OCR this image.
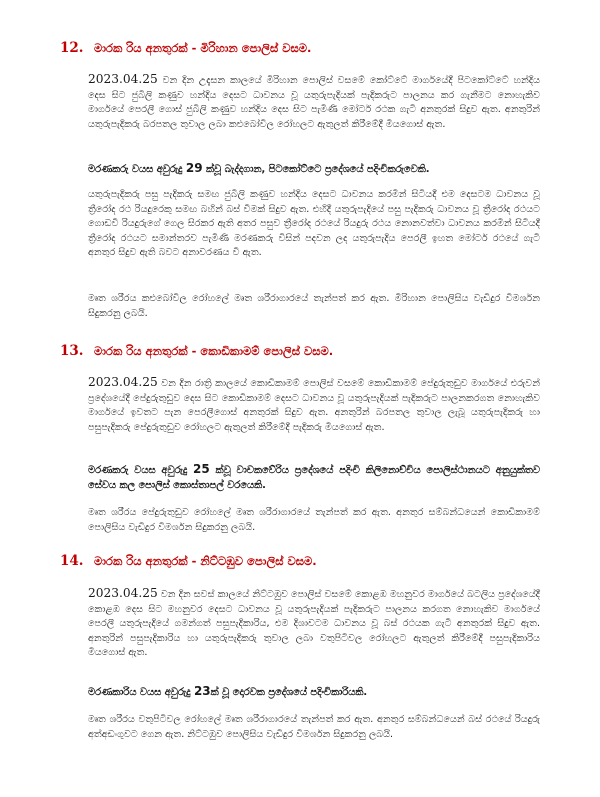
12. මාරක රිය අනතුරක් - මිරිහාන පොලිස් වසම.

2023.04.25 වන දින උදැසන කාලයේ මිරිහාන පොලිස් වසමේ කෝට්ටේ මාර්ගයේදී පිටකෝට්ටේ හන්දිය දෙස සිට ජුබිලි කණුව හන්දිය දෙසට ධාවනය වූ යතුරුපැදියක් පැදිකරුට පාලනය කර ගැනීමට නොහැකිව මාර්ගයේ පෙරලී ගොස් ජුබිලි කණුව හන්දිය දෙස සිට පැමිණි මෝටර් රථක ගැටී අනතුරක් සිදුව ඇත. අනතුරින් යතුරුපැදිකරු බරපතල තුවාල ලබා කළුබෝවිල රෝහලට ඇතුලත් කිරීමේදී මියගොස් ඇත.

මරණකරු වයස අවුරුදු 29 ක්වූ බැද්දගාන, පිටකෝට්ටෙ ප්‍රදේශයේ පදිංචිකරුවෙකි.

යතුරුපැදිකරු පසු පැදිකරු සමඟ ජුබිලි කණුව හන්දිය දෙසට ධාවනය කරමින් සිටියදී එම දෙසටම ධාවනය වූ ත්‍රීරෝද රථ රියදුරෙකු සමඟ බහින් බස් වීමක් සිදුව ඇත. එහිදී යතුරුපැදියේ පසු පැදිකරු ධාවනය වූ ත්‍රීරෝද රථයට ගොඩවී රියදුරුගේ ගෙල සිරකර ඇති අතර පසුව ත්‍රීරෝද රථයේ රියදුරු රථය නොනවත්වා ධාවනය කරමින් සිටියදී ත්‍රීරෝද රථයට සමාන්තරව පැමිණි මරණකරු විසින් පදවන ලද යතුරුපැදිය පෙරලී ඉහත මෝටර් රථයේ ගැටී අනතුර සිදුව ඇති බවට අනාවරණය වී ඇත.

මෘත ශරීරය කළුබෝවිල රෝහලේ මෘත ශරීරාගාරයේ තැන්පත් කර ඇත. මිරිහාන පොලිසිය වැඩිදුර විමර්ශන සිදුකරනු ලබයි.

13. මාරක රිය අනතුරක් - කොඩිකාමම් පොලිස් වසම.

2023.04.25 වන දින රාත්‍රි කාලයේ කොඩිකාමම් පොලිස් වසමේ කොඩිකාමම් පේදුරුතුඩුව මාර්ගයේ එරුවන් ප්‍රදේශයේදී පේදුරුතුඩුව දෙස සිට කොඩිකාමම් දෙසට ධාවනය වූ යතුරුපැදියක් පැදිකරුට පාලනකරගත නොහැකිව මාර්ගයේ ඉවතට පැන පෙරලීගොස් අනතුරක් සිදුව ඇත. අනතුරින් බරපතල තුවාල ලැබූ යතුරුපැදිකරු හා පසුපැදිකරු පේදුරුතුඩුව රෝහලට ඇතුලත් කිරීමේදී පැදිකරු මියගොස් ඇත.

මරණකරු වයස අවුරුදු 25 ක්වූ වාචකවේරිය ප්‍රදේශයේ පදිංචි කිලිනොච්චිය පොලිස්ථානයට අනුයුක්තව සේවය කල පොලිස් කොස්තාපල් වරයෙකි.

මෘත ශරීරය පේදුරුතුඩුව රෝහලේ මෘත ශරීරාගාරයේ තැන්පත් කර ඇත. අනතුර සම්බන්ධයෙන් කොඩිකාමම් පොලිසිය වැඩිදුර විමර්ශන සිදුකරනු ලබයි.

14. මාරක රිය අනතුරක් - නිට්ටඹුව පොලිස් වසම.

2023.04.25 වන දින සවස් කාලයේ නිට්ටඹුව පොලිස් වසමේ කොළඹ මහනුවර මාර්ගයේ බටලිය ප්‍රදේශයේදී කොළඹ දෙස සිට මහනුවර දෙසට ධාවනය වූ යතුරුපැදියක් පැදිකරුට පාලනය කරගත නොහැකිව මාර්ගයේ පෙරලී යතුරුපැදියේ ගමන්ගත් පසුපැදිකාරිය, එම දිශාවටම ධාවනය වූ බස් රථයක ගැටී අනතුරක් සිදුව ඇත. අනතුරින් පසුපැදිකාරිය හා යතුරුපැදිකරු තුවාල ලබා වතුපිටිවල රෝහලට ඇතුලත් කිරීමේදී පසුපැදිකාරිය මියගොස් ඇත.

මරණකාරිය වයස අවුරුදු 23ක් වූ දොරවක ප්‍රදේශයේ පදිංචිකාරියකි.

මෘත ශරීරය වතුපිටිවල රෝහලේ මෘත ශරීරාගාරයේ තැන්පත් කර ඇත. අනතුර සම්බන්ධයෙන් බස් රථයේ රියදුරු අත්අඩංගුවට ගෙන ඇත. නිට්ටඹුව පොලිසිය වැඩිදුර විමර්ශන සිදුකරනු ලබයි.
